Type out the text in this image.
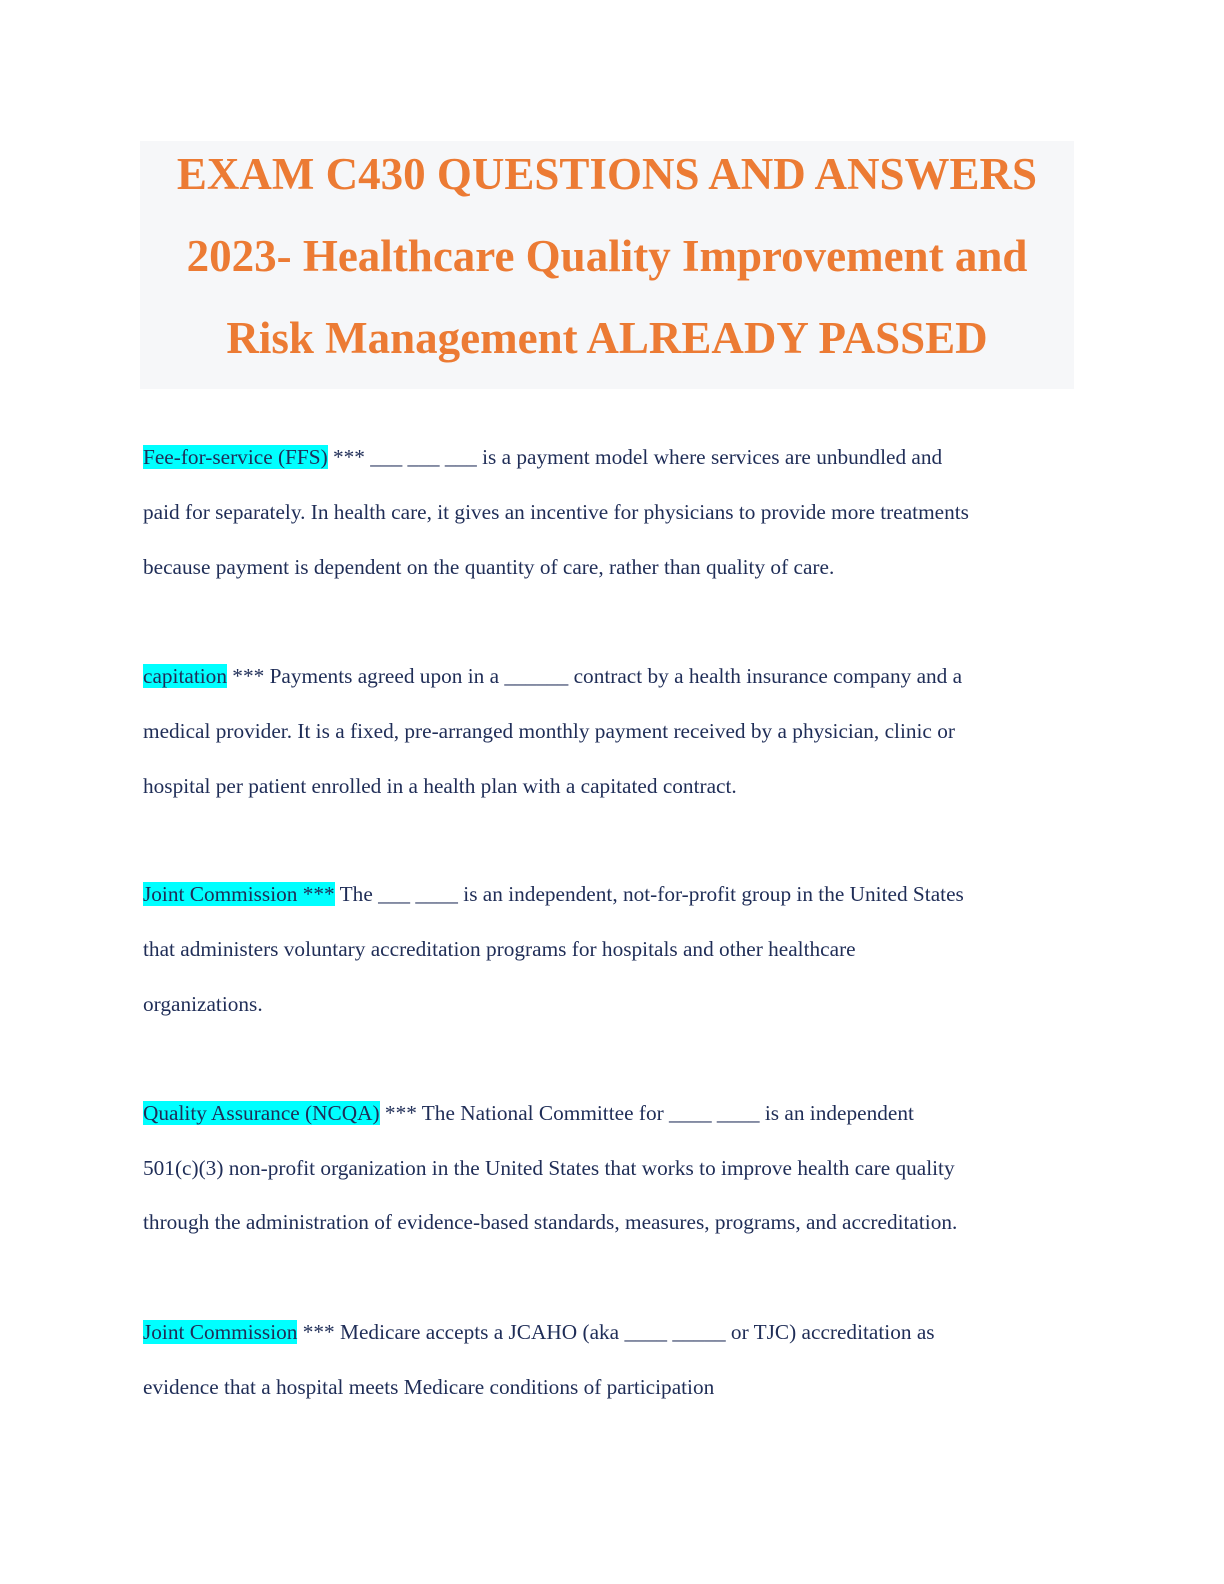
EXAM C430 QUESTIONS AND ANSWERS
2023- Healthcare Quality Improvement and
Risk Management ALREADY PASSED
Fee-for-service (FFS) *** ___ ___ ___ is a payment model where services are unbundled and
paid for separately. In health care, it gives an incentive for physicians to provide more treatments
because payment is dependent on the quantity of care, rather than quality of care.
capitation *** Payments agreed upon in a ______ contract by a health insurance company and a
medical provider. It is a fixed, pre-arranged monthly payment received by a physician, clinic or
hospital per patient enrolled in a health plan with a capitated contract.
Joint Commission *** The ___ ____ is an independent, not-for-profit group in the United States
that administers voluntary accreditation programs for hospitals and other healthcare
organizations.
Quality Assurance (NCQA) *** The National Committee for ____ ____ is an independent
501(c)(3) non-profit organization in the United States that works to improve health care quality
through the administration of evidence-based standards, measures, programs, and accreditation.
Joint Commission *** Medicare accepts a JCAHO (aka ____ _____ or TJC) accreditation as
evidence that a hospital meets Medicare conditions of participation
